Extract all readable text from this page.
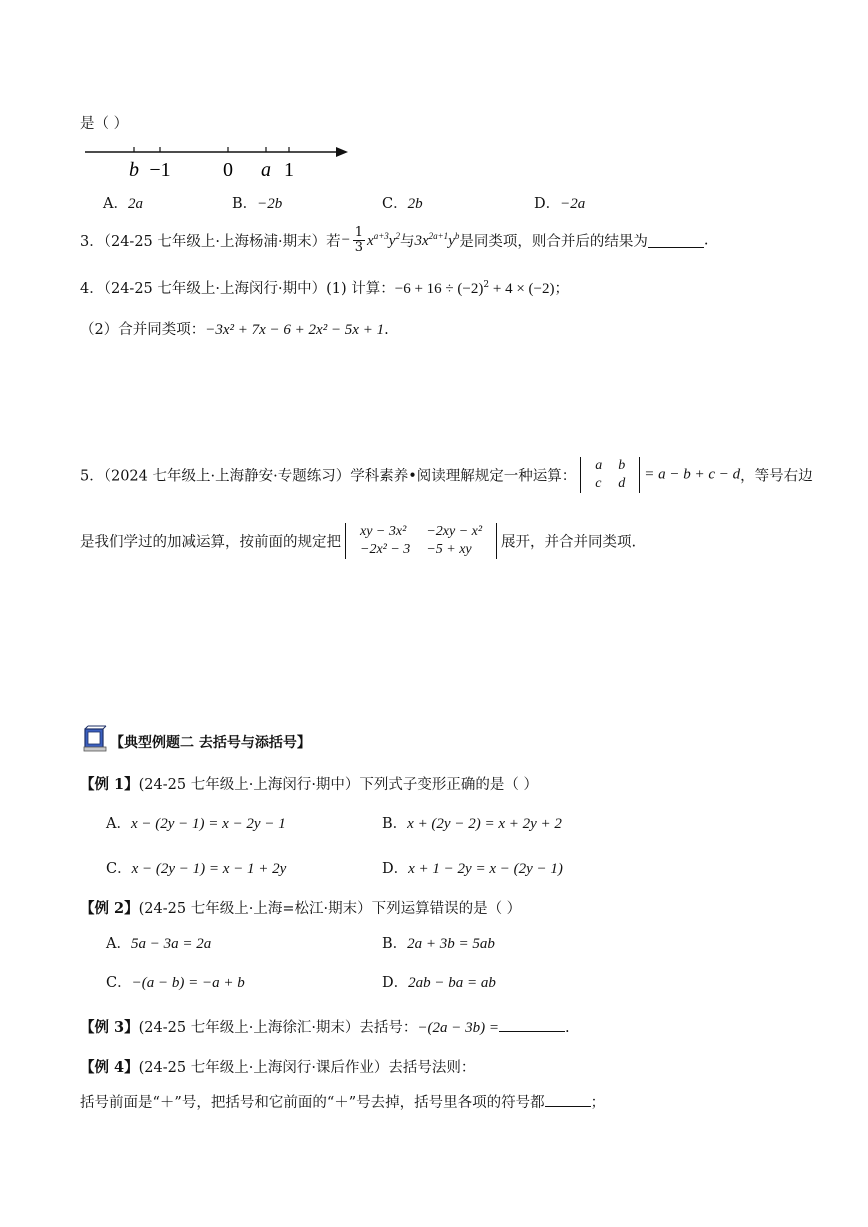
是（ ）
b −1	0 a 1
A．2a	B．−2b	C．2b	D．−2a
3．（24-25 七年级上·上海杨浦·期末）若− $\frac{1}{3} x^{a+3}y^2$与$3x^{2a+1}y^b$是同类项，则合并后的结果为	.
4．（24-25 七年级上·上海闵行·期中）(1) 计算：$-6 + 16 \div (-2)^2 + 4 \times (-2)$；
（2）合并同类项：−3x² + 7x − 6 + 2x² − 5x + 1.
5．（2024 七年级上·上海静安·专题练习）学科素养•阅读理解规定一种运算：
a	b
c	d
= a − b + c − d，等号右边
是我们学过的加减运算，按前面的规定把
xy − 3x²	−2xy − x²
−2x² − 3	−5 + xy 展开，并合并同类项.
【典型例题二 去括号与添括号】
【例 1】(24-25 七年级上·上海闵行·期中）下列式子变形正确的是（ ）
A．x − (2y − 1) = x − 2y − 1	B．x + (2y − 2) = x + 2y + 2
C．x − (2y − 1) = x − 1 + 2y	D．x + 1 − 2y = x − (2y − 1)
【例 2】(24-25 七年级上·上海=松江·期末）下列运算错误的是（ ）
A．5a − 3a = 2a	B．2a + 3b = 5ab
C．−(a − b) = −a + b	D．2ab − ba = ab
【例 3】(24-25 七年级上·上海徐汇·期末）去括号：−(2a − 3b) =	.
【例 4】(24-25 七年级上·上海闵行·课后作业）去括号法则：
括号前面是“＋”号，把括号和它前面的“＋”号去掉，括号里各项的符号都	；
